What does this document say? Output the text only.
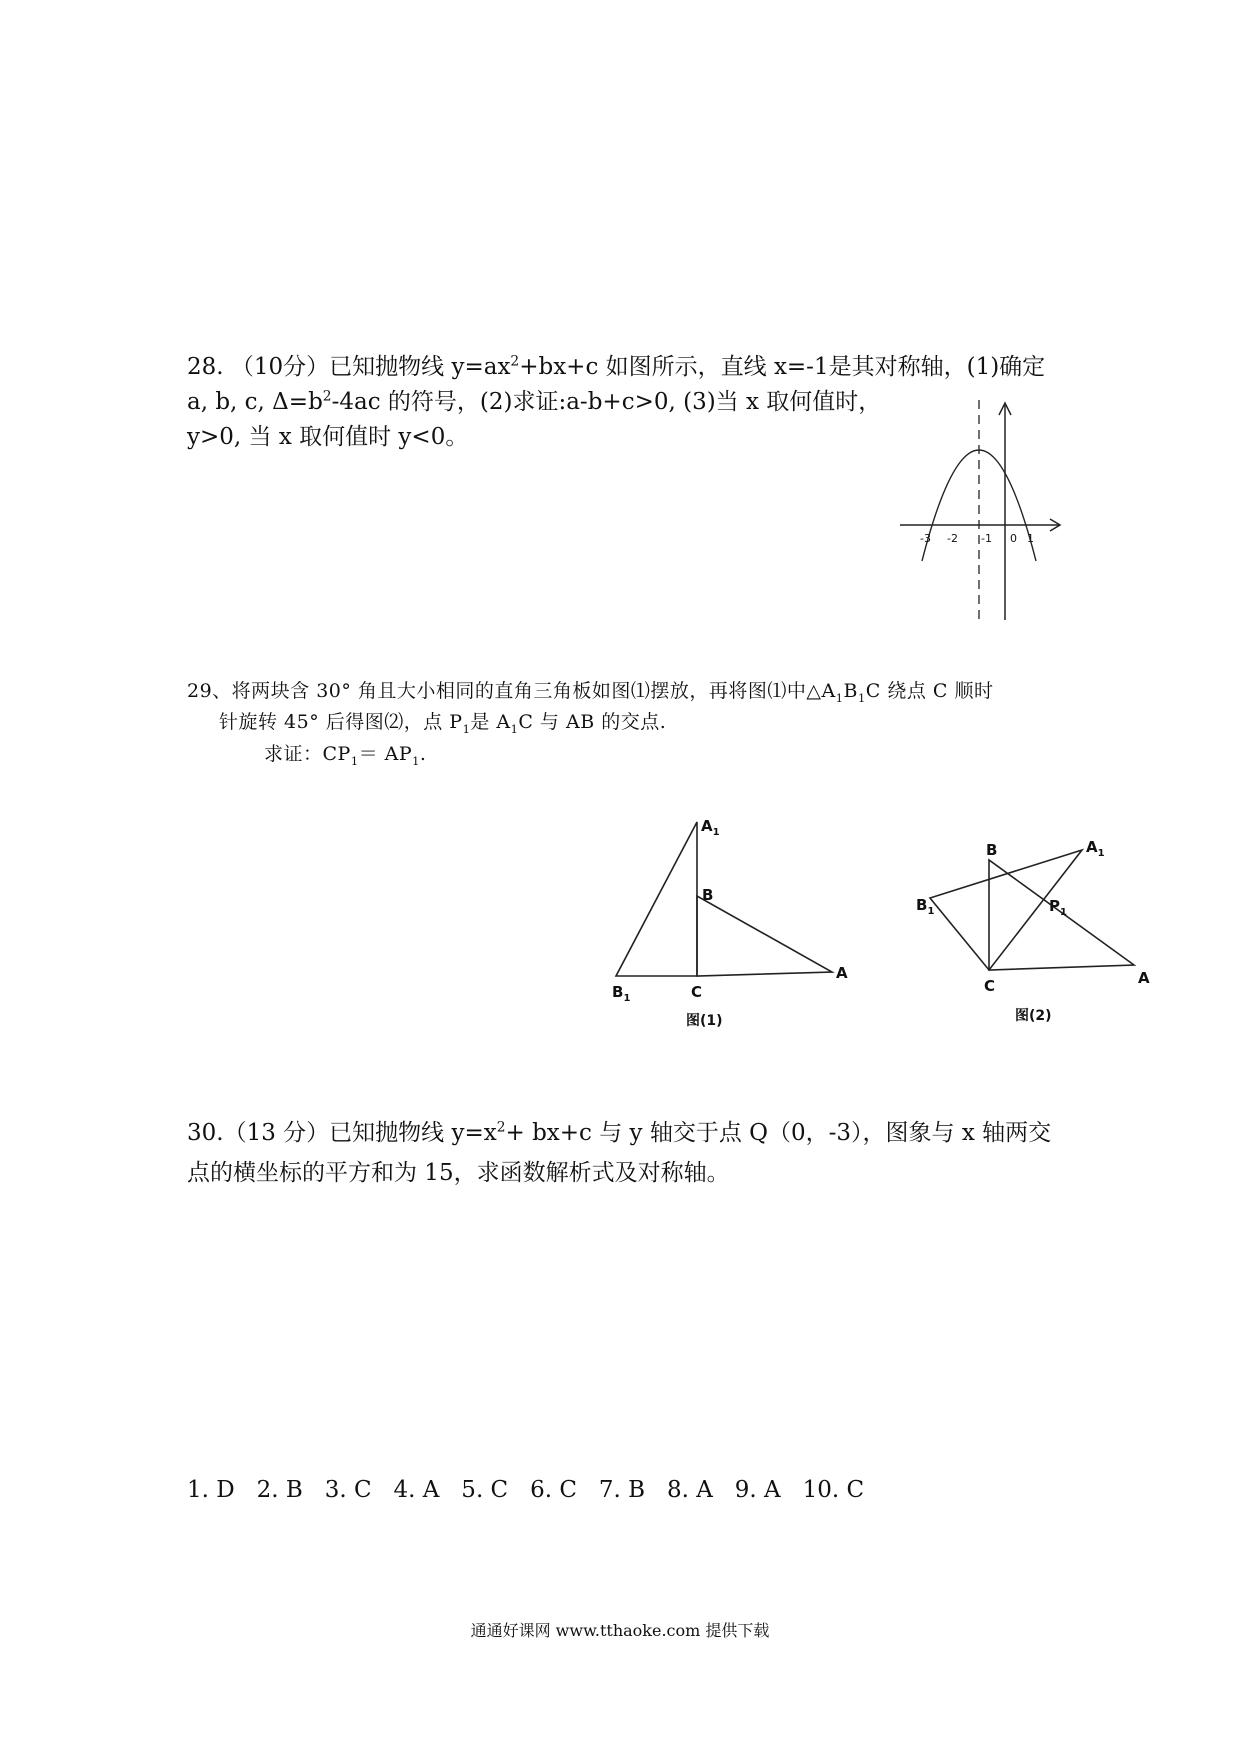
28. （10分）已知抛物线 $y=ax^2+bx+c$ 如图所示，直线 x=-1是其对称轴，(1)确定
a, b, c, $\Delta=b^2-4ac$ 的符号，(2)求证:a-b+c>0, (3)当 x 取何值时，
y>0, 当 x 取何值时 y<0。
-3 -2 -1 0 1
29、将两块含 30° 角且大小相同的直角三角板如图⑴摆放，再将图⑴中$\triangle A_1B_1C$ 绕点 C 顺时
针旋转 45° 后得图⑵，点 $P_1$是 $A_1C$ 与 AB 的交点.
求证：$CP_1= AP_1$.
$A_1$
B
A
$B_1$	C
图(1)
B	$A_1$
$B_1$	$P_1$
C	A
图(2)
30.（13 分）已知抛物线 $y=x^2+ bx+c$ 与 y 轴交于点 Q（0，-3），图象与 x 轴两交
点的横坐标的平方和为 15，求函数解析式及对称轴。
1. D   2. B   3. C   4. A   5. C   6. C   7. B   8. A   9. A   10. C
通通好课网 www.tthaoke.com 提供下载
